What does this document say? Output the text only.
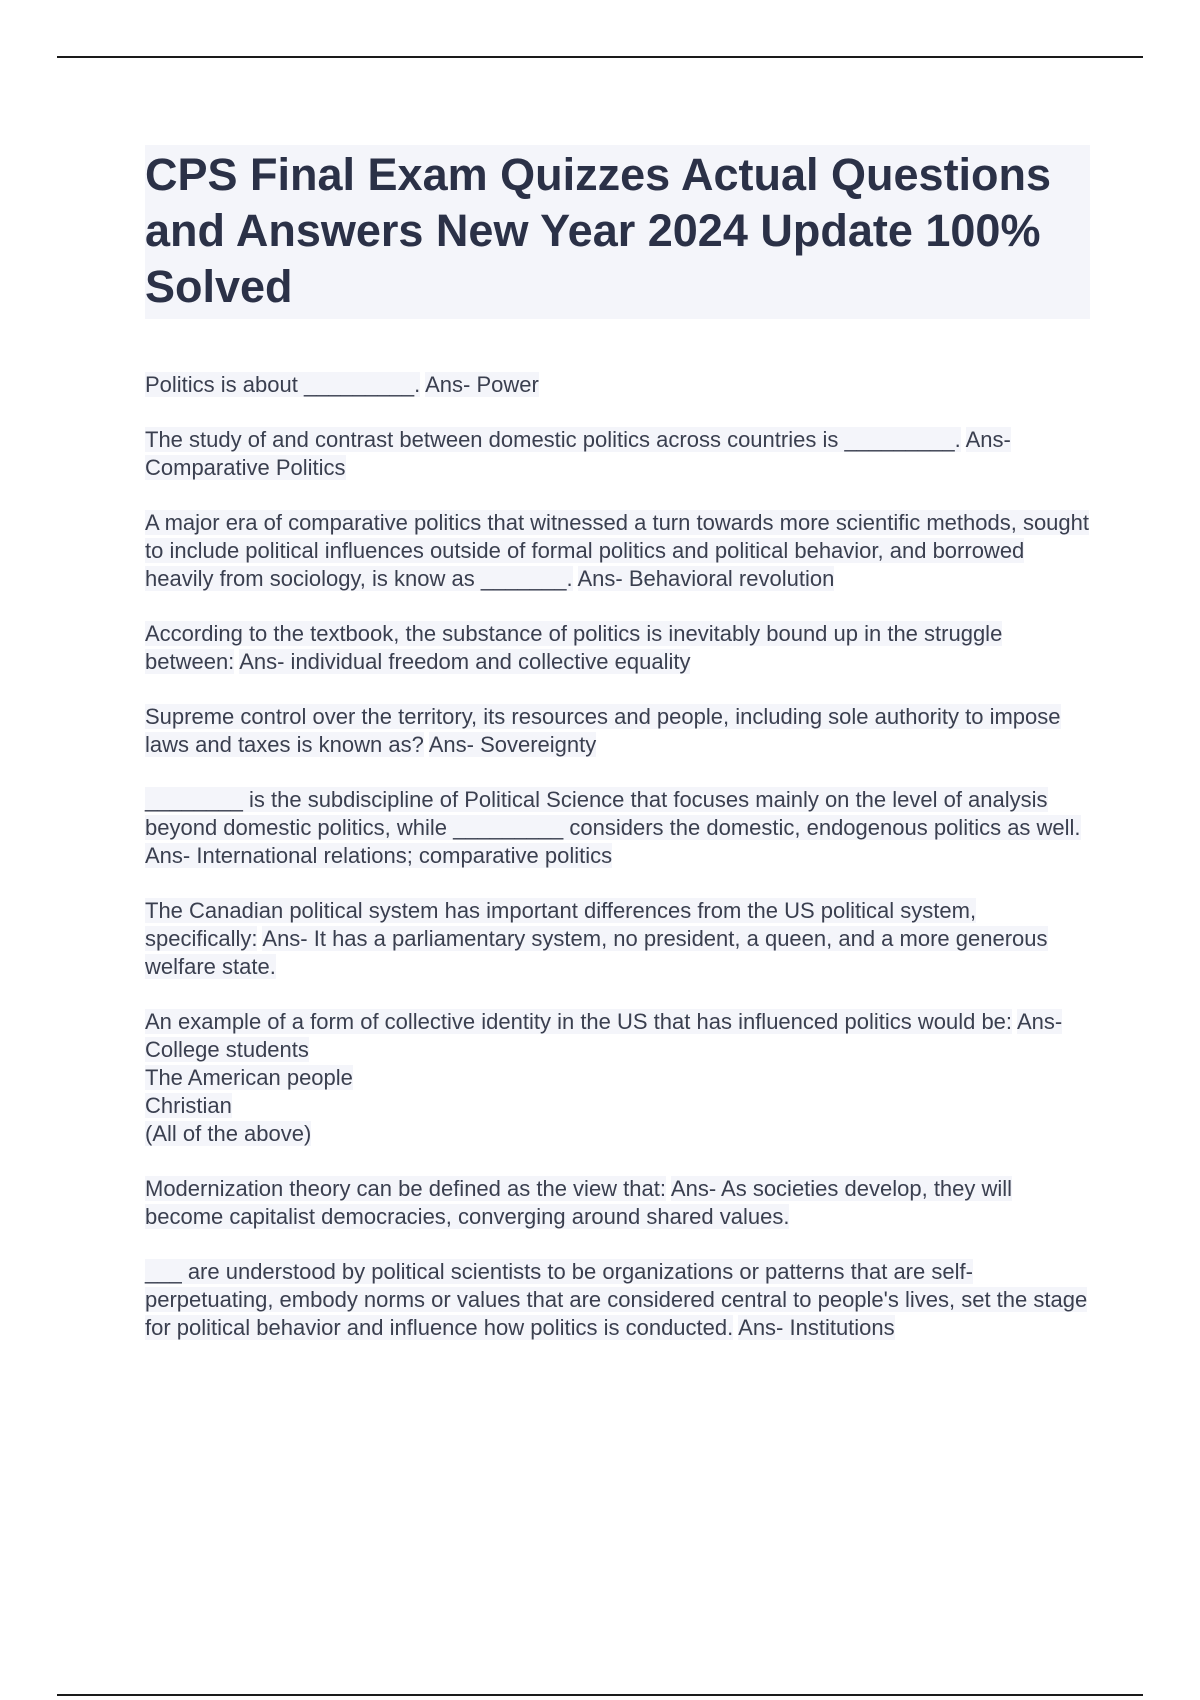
CPS Final Exam Quizzes Actual Questions and Answers New Year 2024 Update 100% Solved
Politics is about _________. Ans- Power
The study of and contrast between domestic politics across countries is _________. Ans- Comparative Politics
A major era of comparative politics that witnessed a turn towards more scientific methods, sought to include political influences outside of formal politics and political behavior, and borrowed heavily from sociology, is know as _______. Ans- Behavioral revolution
According to the textbook, the substance of politics is inevitably bound up in the struggle between: Ans- individual freedom and collective equality
Supreme control over the territory, its resources and people, including sole authority to impose laws and taxes is known as? Ans- Sovereignty
________ is the subdiscipline of Political Science that focuses mainly on the level of analysis beyond domestic politics, while _________ considers the domestic, endogenous politics as well. Ans- International relations; comparative politics
The Canadian political system has important differences from the US political system, specifically: Ans- It has a parliamentary system, no president, a queen, and a more generous welfare state.
An example of a form of collective identity in the US that has influenced politics would be: Ans- College students
The American people
Christian
(All of the above)
Modernization theory can be defined as the view that: Ans- As societies develop, they will become capitalist democracies, converging around shared values.
___ are understood by political scientists to be organizations or patterns that are self-perpetuating, embody norms or values that are considered central to people's lives, set the stage for political behavior and influence how politics is conducted. Ans- Institutions
